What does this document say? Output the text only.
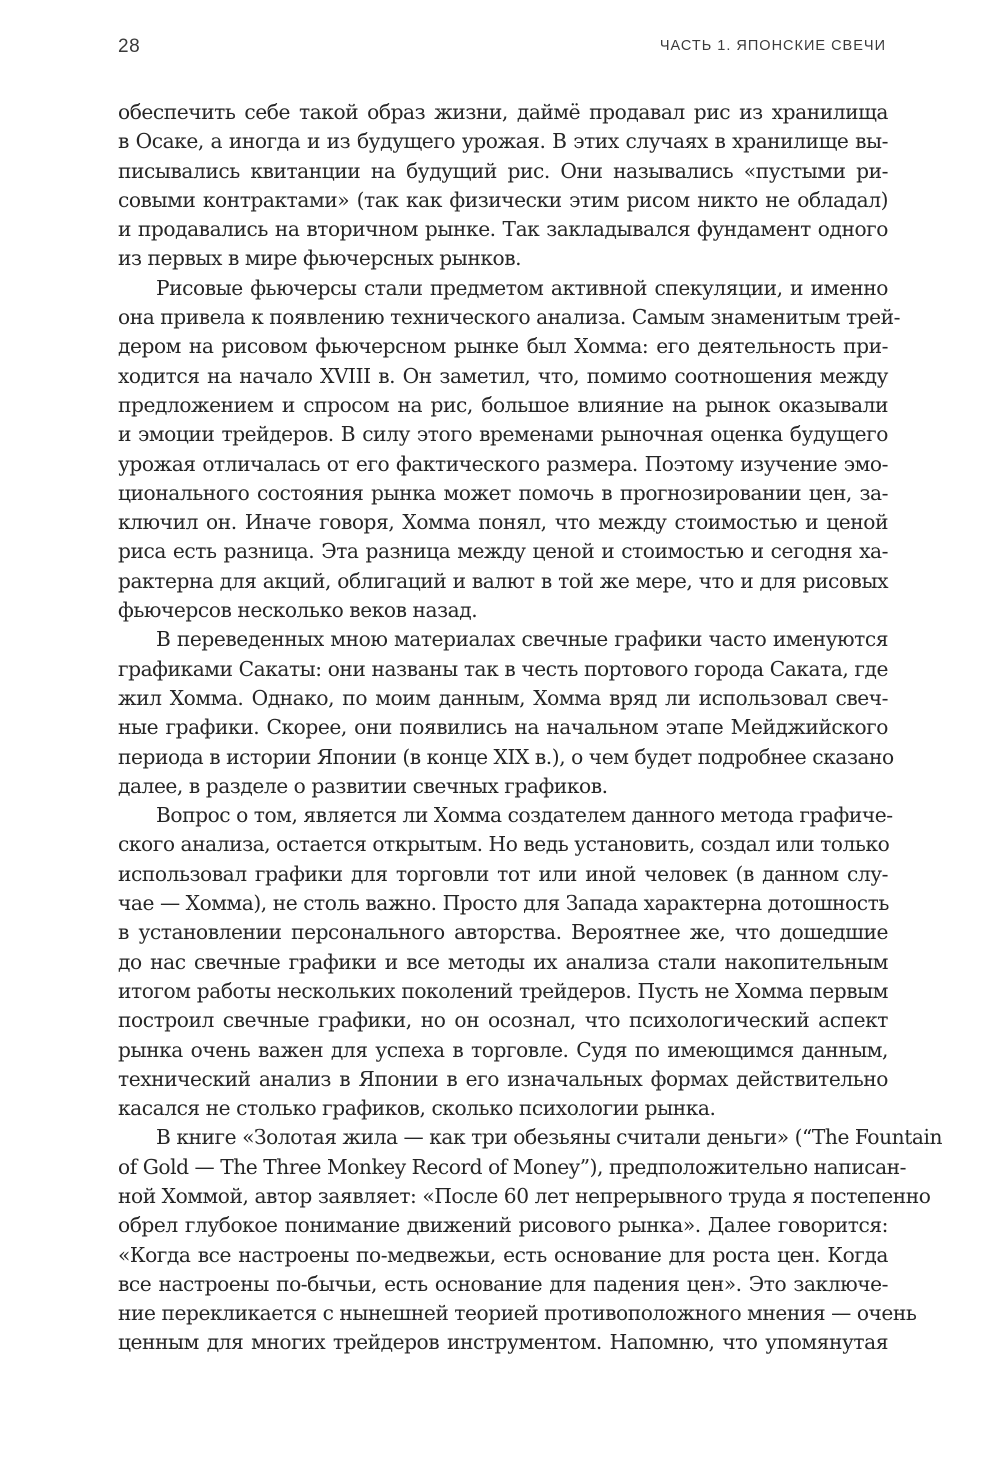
28	ЧАСТЬ 1. ЯПОНСКИЕ СВЕЧИ
обеспечить себе такой образ жизни, даймё продавал рис из хранилища
в Осаке, а иногда и из будущего урожая. В этих случаях в хранилище вы-
писывались квитанции на будущий рис. Они назывались «пустыми ри-
совыми контрактами» (так как физически этим рисом никто не обладал)
и продавались на вторичном рынке. Так закладывался фундамент одного
из первых в мире фьючерсных рынков.
Рисовые фьючерсы стали предметом активной спекуляции, и именно
она привела к появлению технического анализа. Самым знаменитым трей-
дером на рисовом фьючерсном рынке был Хомма: его деятельность при-
ходится на начало XVIII в. Он заметил, что, помимо соотношения между
предложением и спросом на рис, большое влияние на рынок оказывали
и эмоции трейдеров. В силу этого временами рыночная оценка будущего
урожая отличалась от его фактического размера. Поэтому изучение эмо-
ционального состояния рынка может помочь в прогнозировании цен, за-
ключил он. Иначе говоря, Хомма понял, что между стоимостью и ценой
риса есть разница. Эта разница между ценой и стоимостью и сегодня ха-
рактерна для акций, облигаций и валют в той же мере, что и для рисовых
фьючерсов несколько веков назад.
В переведенных мною материалах свечные графики часто именуются
графиками Сакаты: они названы так в честь портового города Саката, где
жил Хомма. Однако, по моим данным, Хомма вряд ли использовал свеч-
ные графики. Скорее, они появились на начальном этапе Мейджийского
периода в истории Японии (в конце XIX в.), о чем будет подробнее сказано
далее, в разделе о развитии свечных графиков.
Вопрос о том, является ли Хомма создателем данного метода графиче-
ского анализа, остается открытым. Но ведь установить, создал или только
использовал графики для торговли тот или иной человек (в данном слу-
чае — Хомма), не столь важно. Просто для Запада характерна дотошность
в установлении персонального авторства. Вероятнее же, что дошедшие
до нас свечные графики и все методы их анализа стали накопительным
итогом работы нескольких поколений трейдеров. Пусть не Хомма первым
построил свечные графики, но он осознал, что психологический аспект
рынка очень важен для успеха в торговле. Судя по имеющимся данным,
технический анализ в Японии в его изначальных формах действительно
касался не столько графиков, сколько психологии рынка.
В книге «Золотая жила — как три обезьяны считали деньги» (“The Fountain
of Gold — The Three Monkey Record of Money”), предположительно написан-
ной Хоммой, автор заявляет: «После 60 лет непрерывного труда я постепенно
обрел глубокое понимание движений рисового рынка». Далее говорится:
«Когда все настроены по-медвежьи, есть основание для роста цен. Когда
все настроены по-бычьи, есть основание для падения цен». Это заключе-
ние перекликается с нынешней теорией противоположного мнения — очень
ценным для многих трейдеров инструментом. Напомню, что упомянутая
